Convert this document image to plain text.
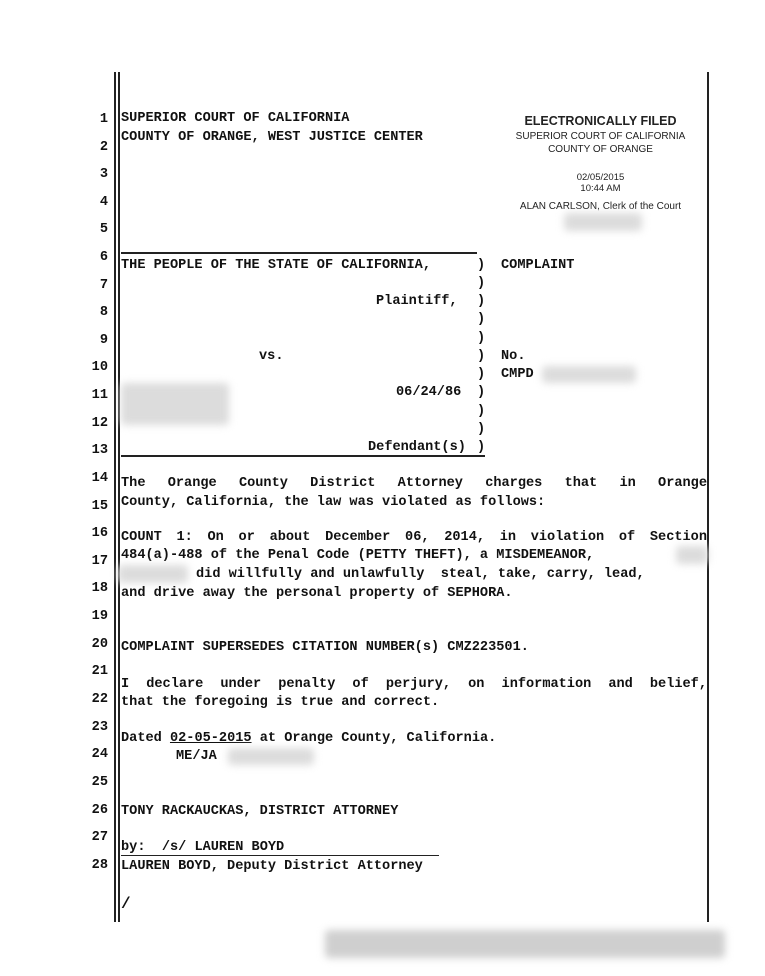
1
2
3
4
5
6
7
8
9
10
11
12
13
14
15
16
17
18
19
20
21
22
23
24
25
26
27
28
SUPERIOR COURT OF CALIFORNIA
COUNTY OF ORANGE, WEST JUSTICE CENTER
ELECTRONICALLY FILED
SUPERIOR COURT OF CALIFORNIA
COUNTY OF ORANGE
02/05/2015
10:44 AM
ALAN CARLSON, Clerk of the Court
THE PEOPLE OF THE STATE OF CALIFORNIA,
Plaintiff,
vs.
06/24/86
Defendant(s)
)
)
)
)
)
)
)
)
)
)
)
COMPLAINT
No.
CMPD
The Orange County District Attorney charges that in Orange
County, California, the law was violated as follows:
COUNT 1: On or about December 06, 2014, in violation of Section
484(a)-488 of the Penal Code (PETTY THEFT), a MISDEMEANOR,
did willfully and unlawfully  steal, take, carry, lead,
and drive away the personal property of SEPHORA.
COMPLAINT SUPERSEDES CITATION NUMBER(s) CMZ223501.
I declare under penalty of perjury, on information and belief,
that the foregoing is true and correct.
Dated 02-05-2015 at Orange County, California.
ME/JA
TONY RACKAUCKAS, DISTRICT ATTORNEY
by: /s/ LAUREN BOYD
LAUREN BOYD, Deputy District Attorney
/
